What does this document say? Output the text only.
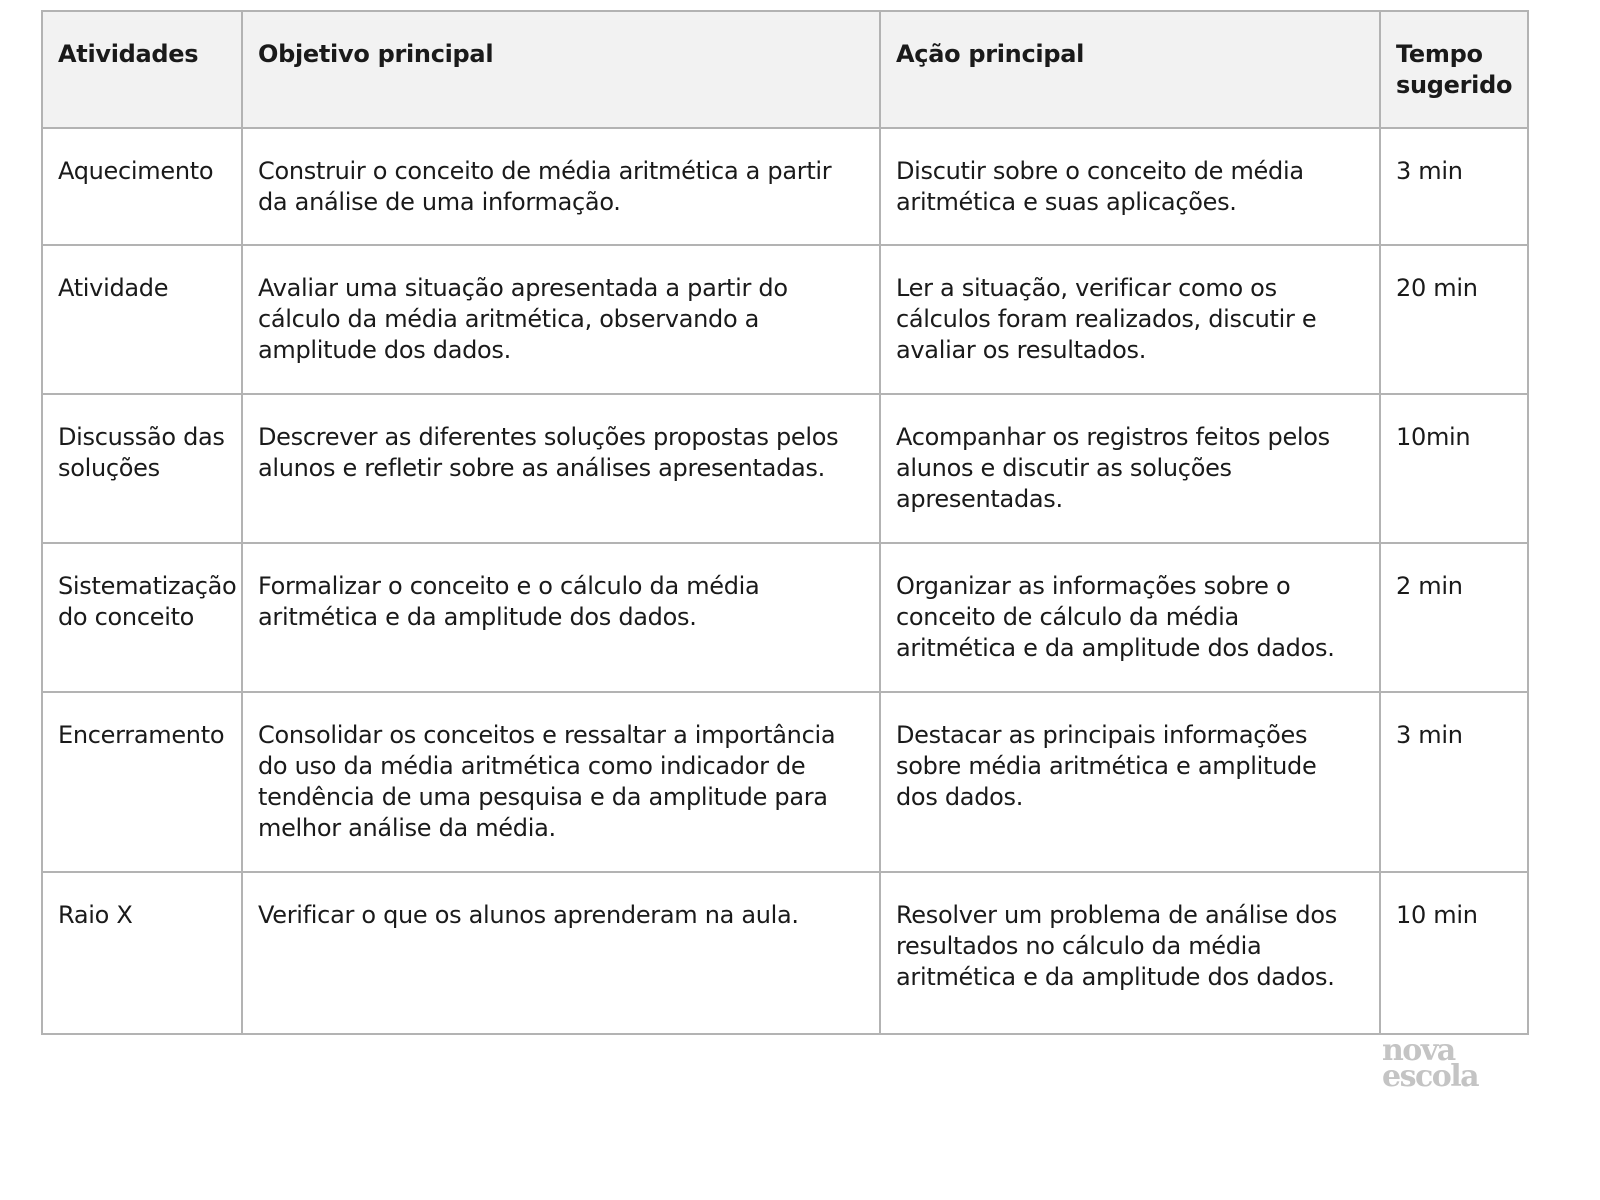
Atividades	Objetivo principal	Ação principal	Tempo sugerido
Aquecimento	Construir o conceito de média aritmética a partir da análise de uma informação.	Discutir sobre o conceito de média aritmética e suas aplicações.	3 min
Atividade	Avaliar uma situação apresentada a partir do cálculo da média aritmética, observando a amplitude dos dados.	Ler a situação, verificar como os cálculos foram realizados, discutir e avaliar os resultados.	20 min
Discussão das soluções	Descrever as diferentes soluções propostas pelos alunos e refletir sobre as análises apresentadas.	Acompanhar os registros feitos pelos alunos e discutir as soluções apresentadas.	10min
Sistematização do conceito	Formalizar o conceito e o cálculo da média aritmética e da amplitude dos dados.	Organizar as informações sobre o conceito de cálculo da média aritmética e da amplitude dos dados.	2 min
Encerramento	Consolidar os conceitos e ressaltar a importância do uso da média aritmética como indicador de tendência de uma pesquisa e da amplitude para melhor análise da média.	Destacar as principais informações sobre média aritmética e amplitude dos dados.	3 min
Raio X	Verificar o que os alunos aprenderam na aula.	Resolver um problema de análise dos resultados no cálculo da média aritmética e da amplitude dos dados.	10 min
nova
escola
